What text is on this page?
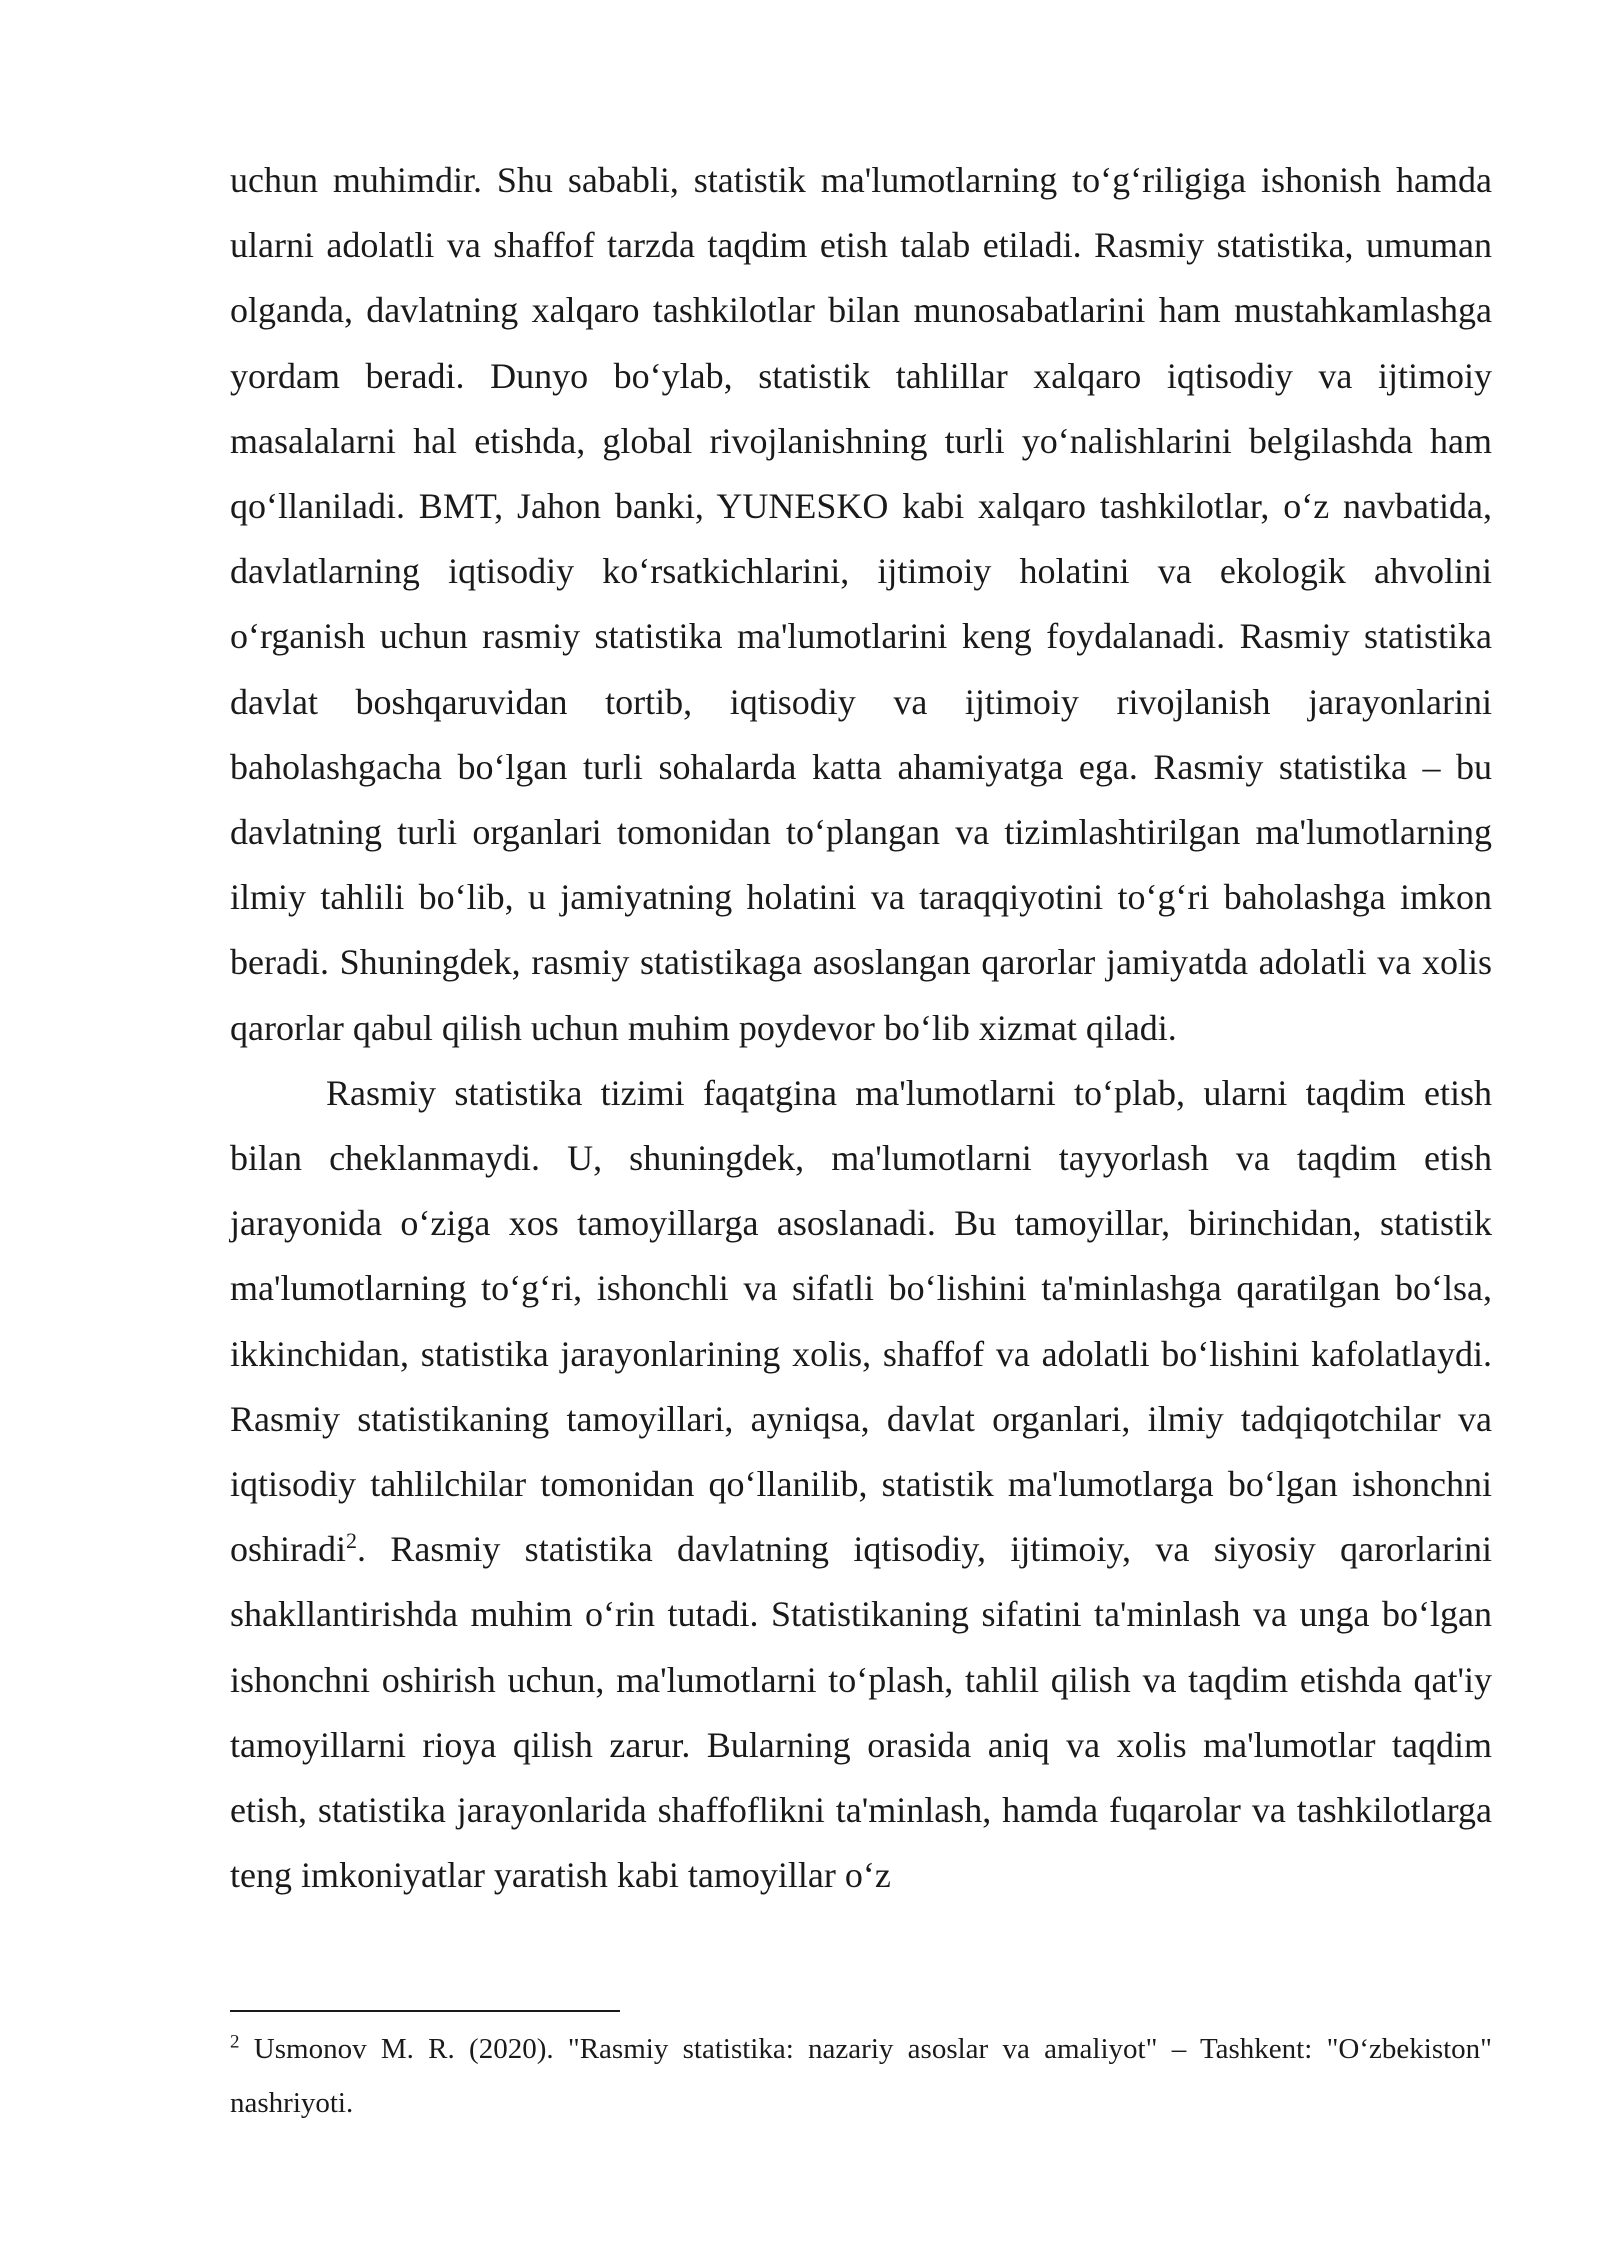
uchun muhimdir. Shu sababli, statistik ma'lumotlarning to‘g‘riligiga ishonish hamda ularni adolatli va shaffof tarzda taqdim etish talab etiladi. Rasmiy statistika, umuman olganda, davlatning xalqaro tashkilotlar bilan munosabatlarini ham mustahkamlashga yordam beradi. Dunyo bo‘ylab, statistik tahlillar xalqaro iqtisodiy va ijtimoiy masalalarni hal etishda, global rivojlanishning turli yo‘nalishlarini belgilashda ham qo‘llaniladi. BMT, Jahon banki, YUNESKO kabi xalqaro tashkilotlar, o‘z navbatida, davlatlarning iqtisodiy ko‘rsatkichlarini, ijtimoiy holatini va ekologik ahvolini o‘rganish uchun rasmiy statistika ma'lumotlarini keng foydalanadi. Rasmiy statistika davlat boshqaruvidan tortib, iqtisodiy va ijtimoiy rivojlanish jarayonlarini baholashgacha bo‘lgan turli sohalarda katta ahamiyatga ega. Rasmiy statistika – bu davlatning turli organlari tomonidan to‘plangan va tizimlashtirilgan ma'lumotlarning ilmiy tahlili bo‘lib, u jamiyatning holatini va taraqqiyotini to‘g‘ri baholashga imkon beradi. Shuningdek, rasmiy statistikaga asoslangan qarorlar jamiyatda adolatli va xolis qarorlar qabul qilish uchun muhim poydevor bo‘lib xizmat qiladi.

Rasmiy statistika tizimi faqatgina ma'lumotlarni to‘plab, ularni taqdim etish bilan cheklanmaydi. U, shuningdek, ma'lumotlarni tayyorlash va taqdim etish jarayonida o‘ziga xos tamoyillarga asoslanadi. Bu tamoyillar, birinchidan, statistik ma'lumotlarning to‘g‘ri, ishonchli va sifatli bo‘lishini ta'minlashga qaratilgan bo‘lsa, ikkinchidan, statistika jarayonlarining xolis, shaffof va adolatli bo‘lishini kafolatlaydi. Rasmiy statistikaning tamoyillari, ayniqsa, davlat organlari, ilmiy tadqiqotchilar va iqtisodiy tahlilchilar tomonidan qo‘llanilib, statistik ma'lumotlarga bo‘lgan ishonchni oshiradi$^2$. Rasmiy statistika davlatning iqtisodiy, ijtimoiy, va siyosiy qarorlarini shakllantirishda muhim o‘rin tutadi. Statistikaning sifatini ta'minlash va unga bo‘lgan ishonchni oshirish uchun, ma'lumotlarni to‘plash, tahlil qilish va taqdim etishda qat'iy tamoyillarni rioya qilish zarur. Bularning orasida aniq va xolis ma'lumotlar taqdim etish, statistika jarayonlarida shaffoflikni ta'minlash, hamda fuqarolar va tashkilotlarga teng imkoniyatlar yaratish kabi tamoyillar o‘z

$^2$ Usmonov M. R. (2020). "Rasmiy statistika: nazariy asoslar va amaliyot" – Tashkent: "O‘zbekiston" nashriyoti.
